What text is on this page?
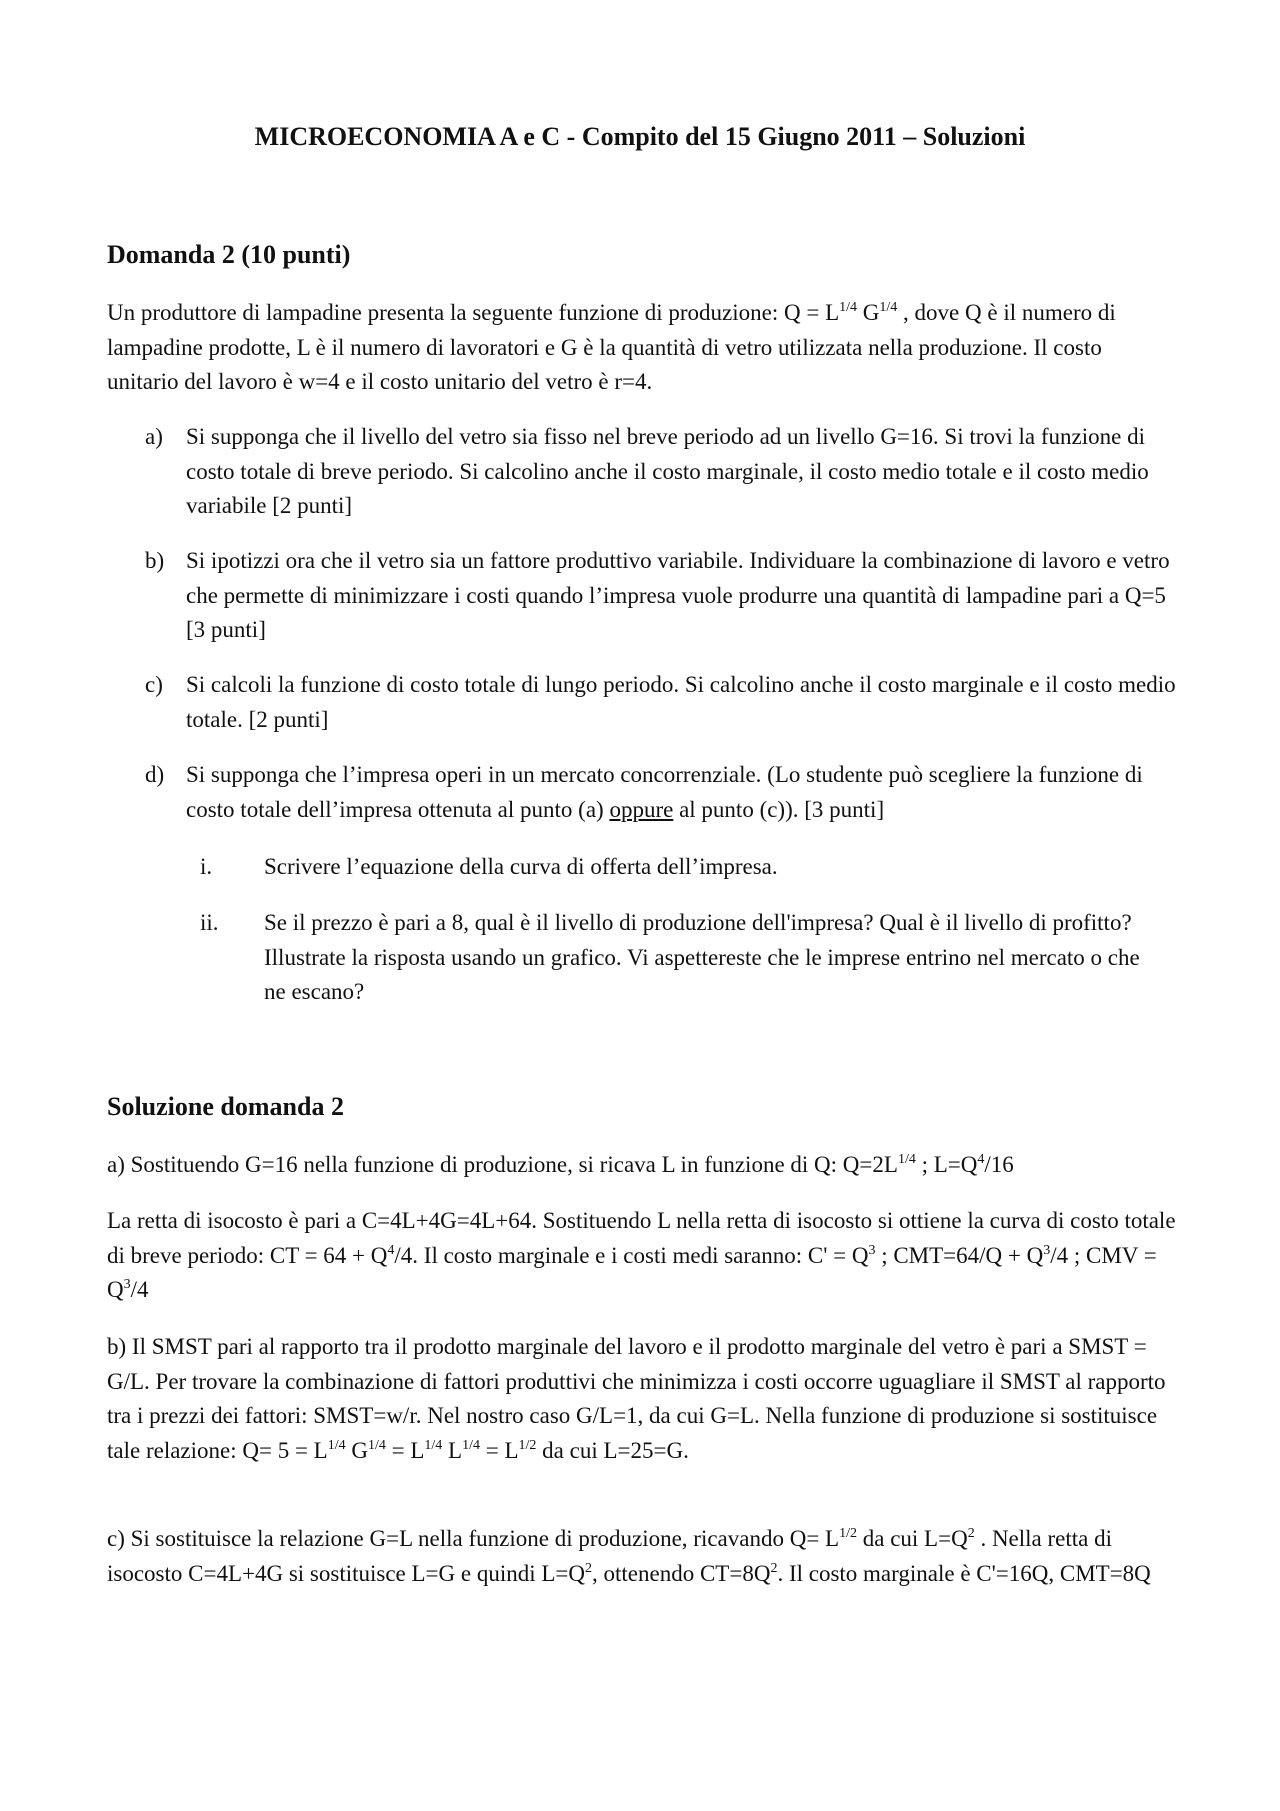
MICROECONOMIA A e C - Compito del 15 Giugno 2011 – Soluzioni
Domanda 2 (10 punti)

Un produttore di lampadine presenta la seguente funzione di produzione: $Q = L^{1/4}$ $G^{1/4}$ , dove Q è il numero di lampadine prodotte, L è il numero di lavoratori e G è la quantità di vetro utilizzata nella produzione. Il costo unitario del lavoro è w=4 e il costo unitario del vetro è r=4.

a)	Si supponga che il livello del vetro sia fisso nel breve periodo ad un livello G=16. Si trovi la funzione di costo totale di breve periodo. Si calcolino anche il costo marginale, il costo medio totale e il costo medio variabile [2 punti]
b) Si ipotizzi ora che il vetro sia un fattore produttivo variabile. Individuare la combinazione di lavoro e vetro che permette di minimizzare i costi quando l’impresa vuole produrre una quantità di lampadine pari a Q=5 [3 punti]
c)	Si calcoli la funzione di costo totale di lungo periodo. Si calcolino anche il costo marginale e il costo medio totale. [2 punti]
d) Si supponga che l’impresa operi in un mercato concorrenziale. (Lo studente può scegliere la funzione di costo totale dell’impresa ottenuta al punto (a) oppure al punto (c)). [3 punti]
i.	Scrivere l’equazione della curva di offerta dell’impresa.
ii.	Se il prezzo è pari a 8, qual è il livello di produzione dell'impresa? Qual è il livello di profitto? Illustrate la risposta usando un grafico. Vi aspettereste che le imprese entrino nel mercato o che ne escano?
Soluzione domanda 2

a) Sostituendo G=16 nella funzione di produzione, si ricava L in funzione di Q: $Q=2L^{1/4}$ ; $L=Q^4/16$

La retta di isocosto è pari a C=4L+4G=4L+64. Sostituendo L nella retta di isocosto si ottiene la curva di costo totale di breve periodo: CT = $64 + Q^4/4$. Il costo marginale e i costi medi saranno: $C' = Q^3$ ; $CMT=64/Q + Q^3/4$ ; CMV = $Q^3/4$

b) Il SMST pari al rapporto tra il prodotto marginale del lavoro e il prodotto marginale del vetro è pari a SMST = G/L. Per trovare la combinazione di fattori produttivi che minimizza i costi occorre uguagliare il SMST al rapporto tra i prezzi dei fattori: SMST=w/r. Nel nostro caso G/L=1, da cui G=L. Nella funzione di produzione si sostituisce tale relazione: $Q= 5 = L^{1/4}$ $G^{1/4} = L^{1/4}$ $L^{1/4} = L^{1/2}$ da cui L=25=G.

c) Si sostituisce la relazione G=L nella funzione di produzione, ricavando $Q= L^{1/2}$ da cui $L=Q^2$ . Nella retta di isocosto C=4L+4G si sostituisce L=G e quindi $L=Q^2$, ottenendo $CT=8Q^2$. Il costo marginale è C'=16Q, CMT=8Q
